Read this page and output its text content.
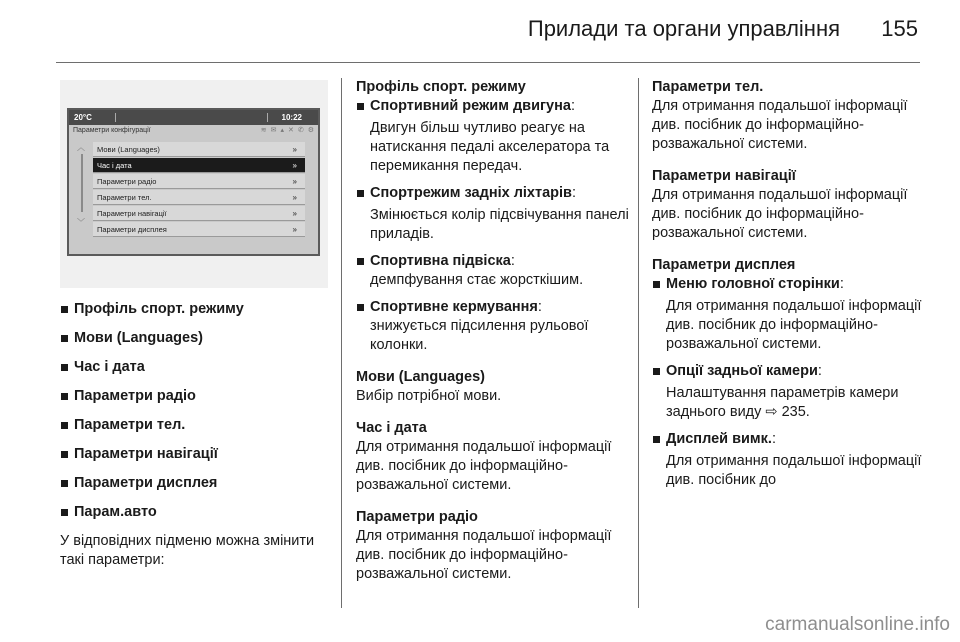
Прилади та органи управління 155
20°C	10:22
Параметри конфігурації	≋ ✉ ▴ ✕ ✆ ⚙
︿
﹀
Мови (Languages)	»
Час і дата	»
Параметри радіо	»
Параметри тел.	»
Параметри навігації	»
Параметри дисплея	»
Профіль спорт. режиму
Мови (Languages)
Час і дата
Параметри радіо
Параметри тел.
Параметри навігації
Параметри дисплея
Парам.авто
У відповідних підменю можна змінити такі параметри:
Профіль спорт. режиму
Спортивний режим двигуна:
Двигун більш чутливо реагує на натискання педалі акселератора та перемикання передач.
Спортрежим задніх ліхтарів:
Змінюється колір підсвічування панелі приладів.
Спортивна підвіска:
демпфування стає жорсткішим.
Спортивне кермування:
знижується підсилення рульової колонки.
Мови (Languages)
Вибір потрібної мови.
Час і дата
Для отримання подальшої інформації див. посібник до інформаційно-розважальної системи.
Параметри радіо
Для отримання подальшої інформації див. посібник до інформаційно-розважальної системи.
Параметри тел.
Для отримання подальшої інформації див. посібник до інформаційно-розважальної системи.
Параметри навігації
Для отримання подальшої інформації див. посібник до інформаційно-розважальної системи.
Параметри дисплея
Меню головної сторінки:
Для отримання подальшої інформації див. посібник до інформаційно-розважальної системи.
Опції задньої камери:
Налаштування параметрів камери заднього виду ⇨ 235.
Дисплей вимк.:
Для отримання подальшої інформації див. посібник до
carmanualsonline.info
